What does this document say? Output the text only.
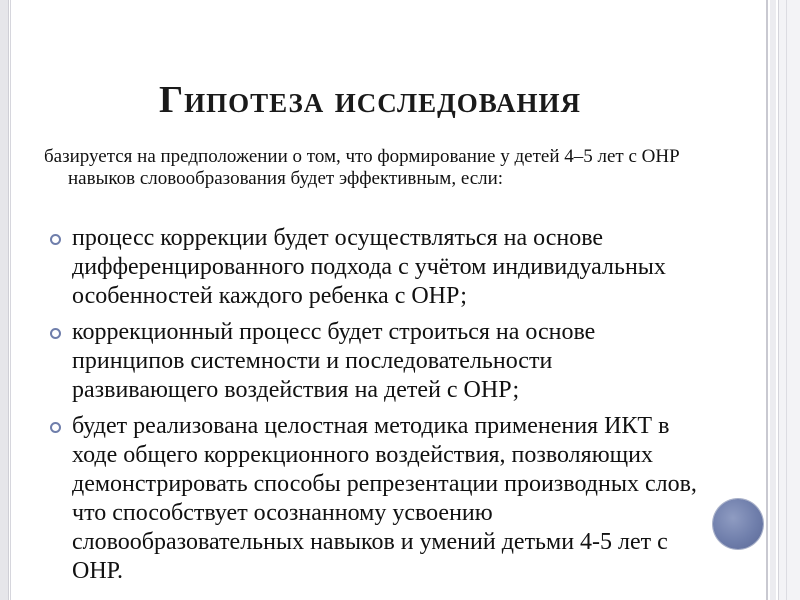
Гипотеза исследования

базируется на предположении о том, что формирование у детей 4–5 лет с ОНР навыков словообразования будет эффективным, если:

процесс коррекции будет осуществляться на основе дифференцированного подхода с учётом индивидуальных особенностей каждого ребенка с ОНР;
коррекционный процесс будет строиться на основе принципов системности и последовательности развивающего воздействия на детей с ОНР;
будет реализована целостная методика применения ИКТ в ходе общего коррекционного воздействия, позволяющих демонстрировать способы репрезентации производных слов, что способствует осознанному усвоению словообразовательных навыков и умений детьми 4-5 лет с ОНР.
